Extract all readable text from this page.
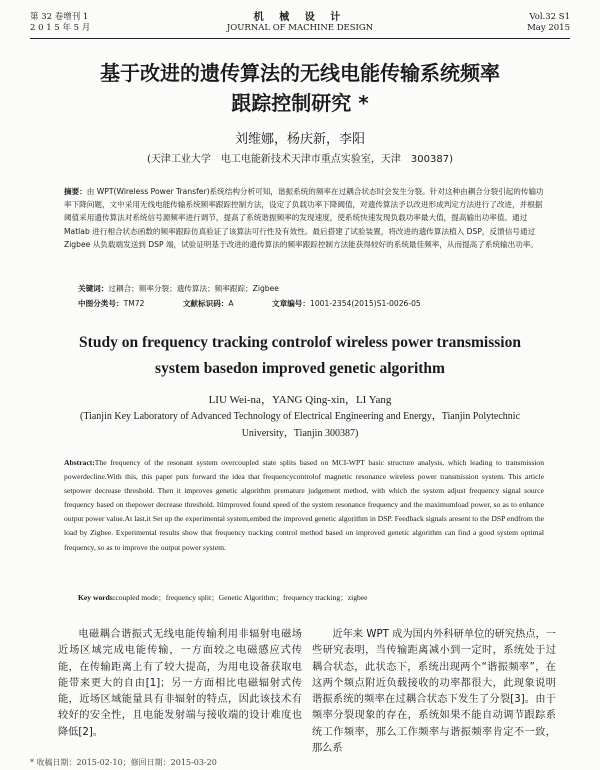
第 32 卷增刊 1
2 0 1 5 年 5 月
机 械 设 计
JOURNAL OF MACHINE DESIGN
Vol.32 S1
May 2015
基于改进的遗传算法的无线电能传输系统频率
跟踪控制研究 *
刘维娜，杨庆新，李阳
(天津工业大学　电工电能新技术天津市重点实验室，天津　300387)
摘要：由 WPT(Wireless Power Transfer)系统结构分析可知，谐振系统的频率在过耦合状态时会发生分裂。针对这种由耦合分裂引起的传输功率下降问题，文中采用无线电能传输系统频率跟踪控制方法，设定了负载功率下降阈值，对遗传算法予以改进形成判定方法进行了改进，并根据阈值采用遗传算法对系统信号源频率进行调节，提高了系统谐振频率的发现速度，使系统快速发现负载功率最大值，提高输出功率值。通过 Matlab 进行相合状态函数的频率跟踪仿真验证了该算法可行性及有效性。最后搭建了试验装置，将改进的遗传算法植入 DSP，反馈信号通过 Zigbee 从负载端发送到 DSP 端，试验证明基于改进的遗传算法的频率跟踪控制方法能获得较好的系统最佳频率，从而提高了系统输出功率。
关键词：过耦合；频率分裂；遗传算法；频率跟踪；Zigbee
中图分类号：TM72	文献标识码：A	文章编号：1001-2354(2015)S1-0026-05
Study on frequency tracking controlof wireless power transmission
system basedon improved genetic algorithm
LIU Wei-na，YANG Qing-xin，LI Yang
(Tianjin Key Laboratory of Advanced Technology of Electrical Engineering and Energy，Tianjin Polytechnic
University，Tianjin 300387)
Abstract:The frequency of the resonant system overcoupled state splits based on MCI-WPT basic structure analysis, which leading to transmission powerdecline.With this, this paper puts forward the idea that frequencycontrolof magnetic resonance wireless power transmission system. This article setpower decrease threshold. Then it improves genetic algorithm premature judgement method, with which the system adjust frequency signal source frequency based on thepower decrease threshold. Itimproved found speed of the system resonance frequency and the maximumload power, so as to enhance output power value.At last,it Set up the experimental system,embed the improved genetic algorithm in DSP. Feedback signals aresent to the DSP endfrom the load by Zigbee. Experimental results show that frequency tracking control method based on improved genetic algorithm can find a good system optimal frequency, so as to improve the output power system.
Key words:coupled mode；frequency split；Genetic Algorithm；frequency tracking；zigbee

电磁耦合谐振式无线电能传输利用非辐射电磁场近场区域完成电能传输，一方面较之电磁感应式传能，在传输距离上有了较大提高，为用电设备获取电能带来更大的自由[1]；另一方面相比电磁辐射式传能，近场区域能量具有非辐射的特点，因此该技术有较好的安全性，且电能发射端与接收端的设计难度也降低[2]。

近年来 WPT 成为国内外科研单位的研究热点，一些研究表明，当传输距离减小到一定时，系统处于过耦合状态，此状态下，系统出现两个“谐振频率”，在这两个频点附近负载接收的功率都很大，此现象说明谐振系统的频率在过耦合状态下发生了分裂[3]。由于频率分裂现象的存在，系统如果不能自动调节跟踪系统工作频率，那么工作频率与谐振频率肯定不一致，那么系

* 收稿日期：2015-02-10；修回日期：2015-03-20
